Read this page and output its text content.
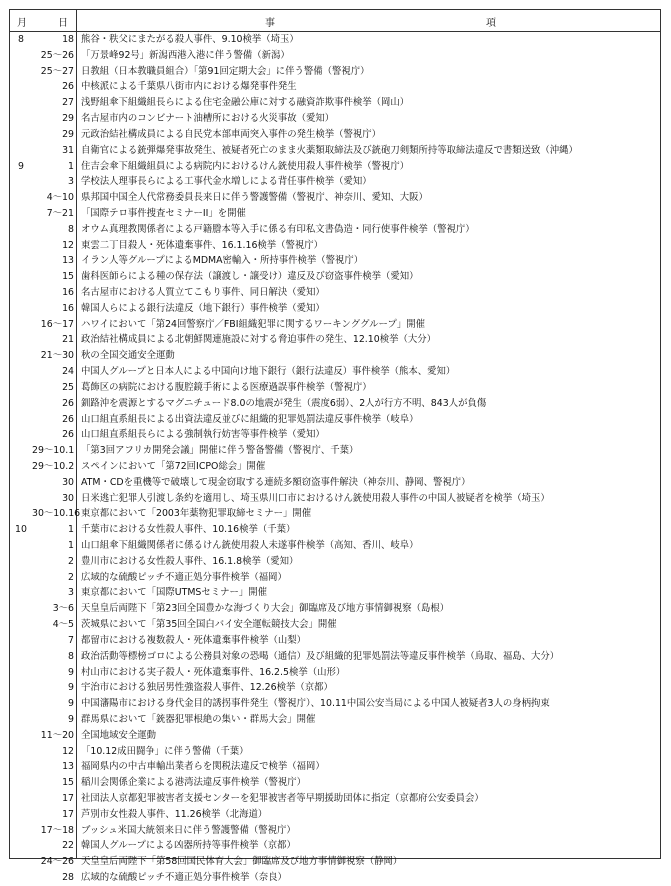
月	日	事	項
8	18 熊谷・秩父にまたがる殺人事件、9.10検挙（埼玉）
25～26 「万景峰92号」新潟西港入港に伴う警備（新潟）
25～27 日教組（日本教職員組合）「第91回定期大会」に伴う警備（警視庁）
26 中核派による千葉県八街市内における爆発事件発生
27 浅野組傘下組織組長らによる住宅金融公庫に対する融資詐欺事件検挙（岡山）
29 名古屋市内のコンビナート油槽所における火災事故（愛知）
29 元政治結社構成員による自民党本部車両突入事件の発生検挙（警視庁）
31 自衛官による銃弾爆発事故発生、被疑者死亡のまま火薬類取締法及び銃砲刀剣類所持等取締法違反で書類送致（沖縄）
9	1 住吉会傘下組織組員による病院内におけるけん銃使用殺人事件検挙（警視庁）
3 学校法人理事長らによる工事代金水増しによる背任事件検挙（愛知）
4～10 県邦国中国全人代常務委員長来日に伴う警護警備（警視庁、神奈川、愛知、大阪）
7～21 「国際テロ事件捜査セミナーII」を開催
8 オウム真理教関係者による戸籍謄本等入手に係る有印私文書偽造・同行使事件検挙（警視庁）
12 東雲二丁目殺人・死体遺棄事件、16.1.16検挙（警視庁）
13 イラン人等グループによるMDMA密輸入・所持事件検挙（警視庁）
15 歯科医師らによる種の保存法（譲渡し・譲受け）違反及び窃盗事件検挙（愛知）
16 名古屋市における人質立てこもり事件、同日解決（愛知）
16 韓国人らによる銀行法違反（地下銀行）事件検挙（愛知）
16～17 ハワイにおいて「第24回警察庁／FBI組織犯罪に関するワーキンググループ」開催
21 政治結社構成員による北朝鮮関連施設に対する脅迫事件の発生、12.10検挙（大分）
21～30 秋の全国交通安全運動
24 中国人グループと日本人による中国向け地下銀行（銀行法違反）事件検挙（熊本、愛知）
25 葛飾区の病院における腹腔鏡手術による医療過誤事件検挙（警視庁）
26 釧路沖を震源とするマグニチュード8.0の地震が発生（震度6弱）、2人が行方不明、843人が負傷
26 山口組直系組長による出資法違反並びに組織的犯罪処罰法違反事件検挙（岐阜）
26 山口組直系組長らによる強制執行妨害等事件検挙（愛知）
29～10.1 「第3回アフリカ開発会議」開催に伴う警备警備（警視庁、千葉）
29～10.2 スペインにおいて「第72回ICPO総会」開催
30 ATM・CDを重機等で破壊して現金窃取する連続多額窃盗事件解決（神奈川、静岡、警視庁）
30 日米逃亡犯罪人引渡し条約を適用し、埼玉県川口市におけるけん銃使用殺人事件の中国人被疑者を検挙（埼玉）
30～10.16 東京都において「2003年薬物犯罪取締セミナー」開催
10	1 千葉市における女性殺人事件、10.16検挙（千葉）
1 山口組傘下組織関係者に係るけん銃使用殺人未遂事件検挙（高知、香川、岐阜）
2 豊川市における女性殺人事件、16.1.8検挙（愛知）
2 広域的な硫酸ピッチ不適正処分事件検挙（福岡）
3 東京都において「国際UTMSセミナー」開催
3～6 天皇皇后両陛下「第23回全国豊かな海づくり大会」御臨席及び地方事情御視察（島根）
4～5 茨城県において「第35回全国白バイ安全運転競技大会」開催
7 都留市における複数殺人・死体遺棄事件検挙（山梨）
8 政治活動等標榜ゴロによる公務員対象の恐喝（通信）及び組織的犯罪処罰法等違反事件検挙（鳥取、福島、大分）
9 村山市における実子殺人・死体遺棄事件、16.2.5検挙（山形）
9 宇治市における独居男性強盗殺人事件、12.26検挙（京都）
9 中国瀋陽市における身代金目的誘拐事件発生（警視庁）、10.11中国公安当局による中国人被疑者3人の身柄拘束
9 群馬県において「銃器犯罪根絶の集い・群馬大会」開催
11～20 全国地域安全運動
12 「10.12成田闘争」に伴う警備（千葉）
13 福岡県内の中古車輸出業者らを関税法違反で検挙（福岡）
15 稲川会関係企業による港湾法違反事件検挙（警視庁）
17 社団法人京都犯罪被害者支援センターを犯罪被害者等早期援助団体に指定（京都府公安委員会）
17 芦別市女性殺人事件、11.26検挙（北海道）
17～18 ブッシュ米国大統領来日に伴う警護警備（警視庁）
22 韓国人グループによる凶器所持等事件検挙（京都）
24～26 天皇皇后両陛下「第58回国民体育大会」御臨席及び地方事情御視察（静岡）
28 広域的な硫酸ピッチ不適正処分事件検挙（奈良）
